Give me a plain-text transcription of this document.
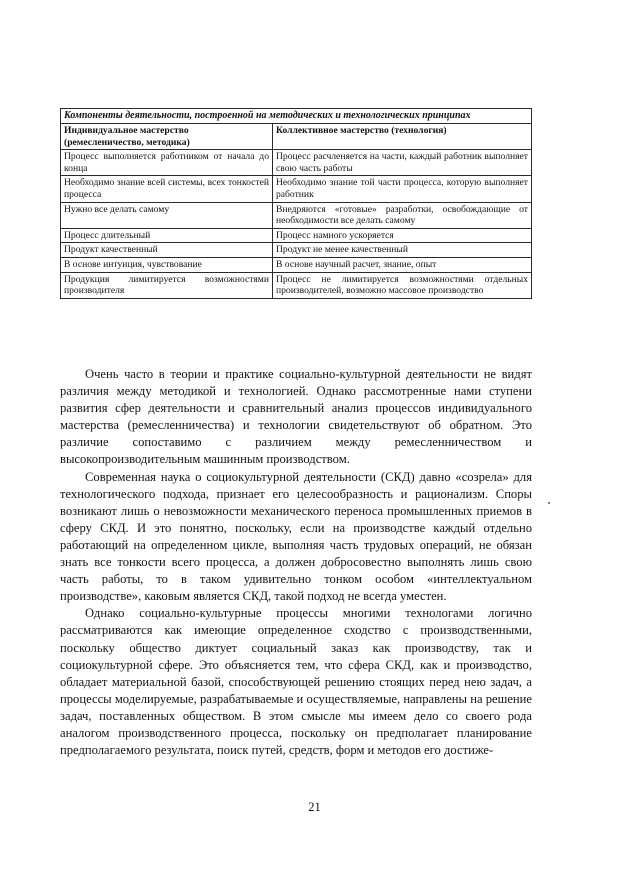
Компоненты деятельности, построенной на методических и технологических принципах	
Индивидуальное мастерство (ремесленичество, методика)	Коллективное мастерство (технология)
Процесс выполняется работником от начала до конца	Процесс расчленяется на части, каждый работник выполняет свою часть работы
Необходимо знание всей системы, всех тонкостей процесса	Необходимо знание той части процесса, которую выполняет работник
Нужно все делать самому	Внедряются «готовые» разработки, освобождающие от необходимости все делать самому
Процесс длительный	Процесс намного ускоряется
Продукт качественный	Продукт не менее качественный
В основе интуиция, чувствование	В основе научный расчет, знание, опыт
Продукция лимитируется возможностями производителя	Процесс не лимитируется возможностями отдельных производителей, возможно массовое производство

Очень часто в теории и практике социально-культурной деятельности не видят различия между методикой и технологией. Однако рассмотренные нами ступени развития сфер деятельности и сравнительный анализ процессов индивидуального мастерства (ремесленничества) и технологии свидетельствуют об обратном. Это различие сопоставимо с различием между ремесленничеством и высокопроизводительным машинным производством.

Современная наука о социокультурной деятельности (СКД) давно «созрела» для технологического подхода, признает его целесообразность и рационализм. Споры возникают лишь о невозможности механического переноса промышленных приемов в сферу СКД. И это понятно, поскольку, если на производстве каждый отдельно работающий на определенном цикле, выполняя часть трудовых операций, не обязан знать все тонкости всего процесса, а должен добросовестно выполнять лишь свою часть работы, то в таком удивительно тонком особом «интеллектуальном производстве», каковым является СКД, такой подход не всегда уместен.

Однако социально-культурные процессы многими технологами логично рассматриваются как имеющие определенное сходство с производственными, поскольку общество диктует социальный заказ как производству, так и социокультурной сфере. Это объясняется тем, что сфера СКД, как и производство, обладает материальной базой, способствующей решению стоящих перед нею задач, а процессы моделируемые, разрабатываемые и осуществляемые, направлены на решение задач, поставленных обществом. В этом смысле мы имеем дело со своего рода аналогом производственного процесса, поскольку он предполагает планирование предполагаемого результата, поиск путей, средств, форм и методов его достиже-

21
